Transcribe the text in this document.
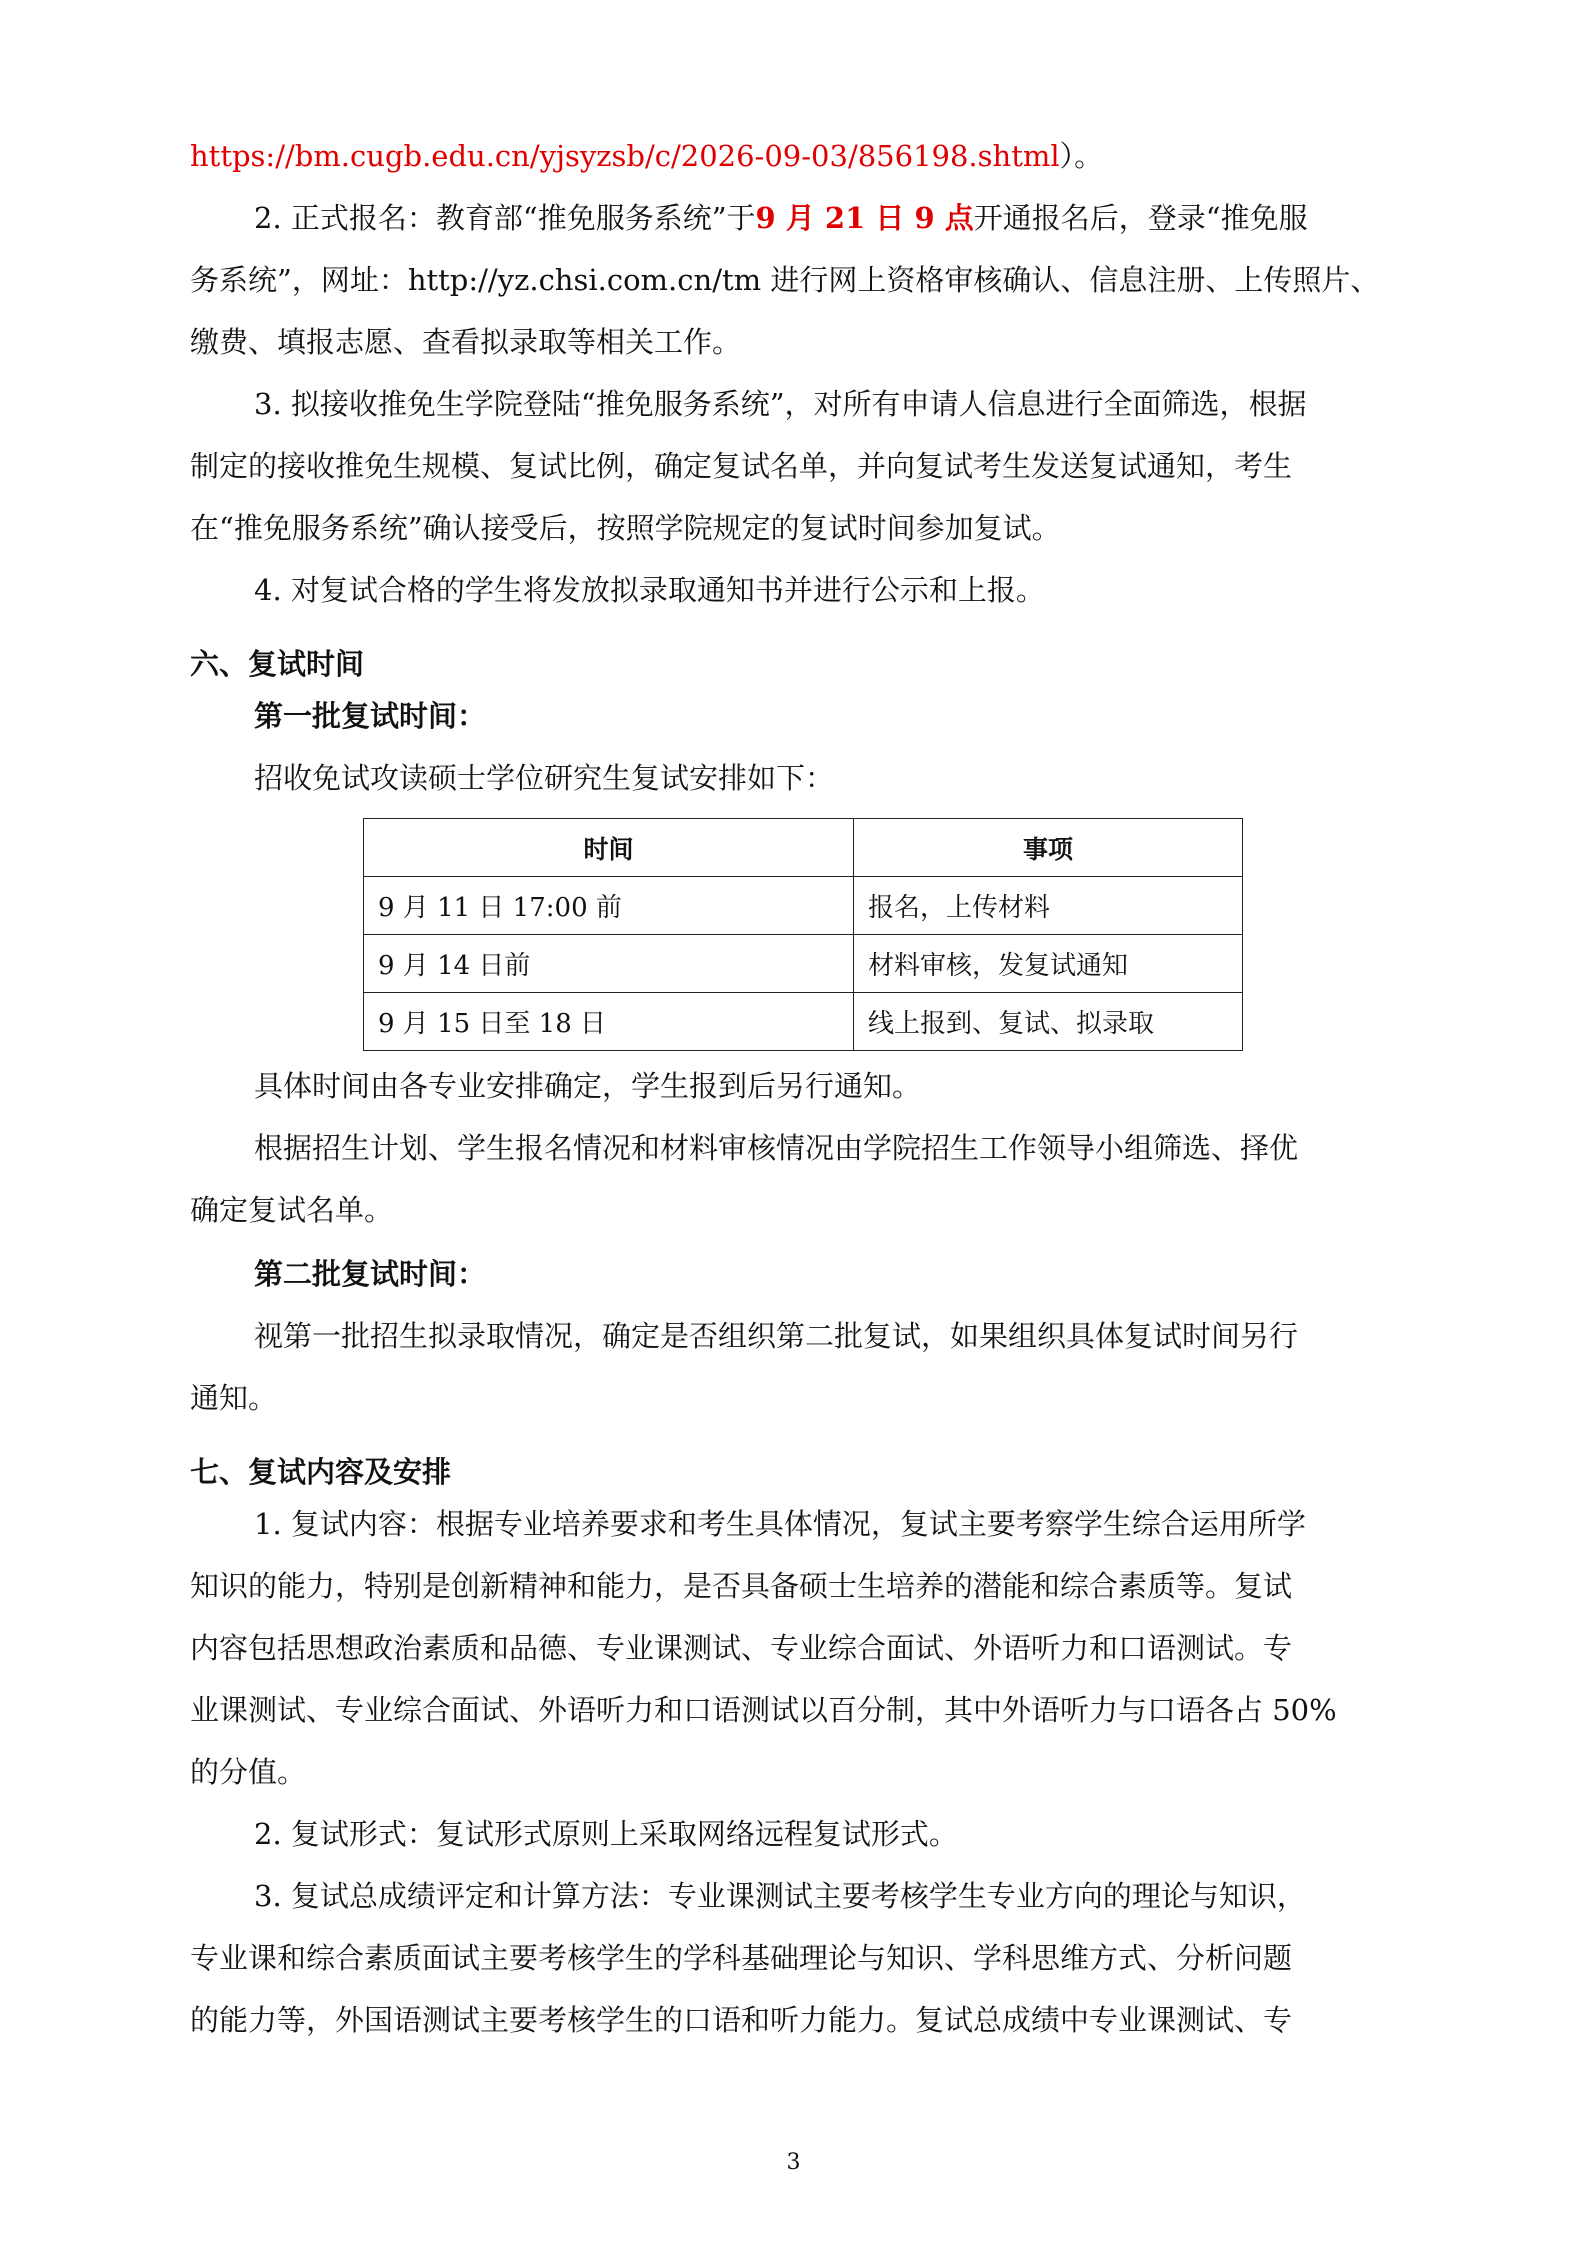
https://bm.cugb.edu.cn/yjsyzsb/c/2026-09-03/856198.shtml）。
2. 正式报名：教育部“推免服务系统”于9 月 21 日 9 点开通报名后，登录“推免服
务系统”，网址：http://yz.chsi.com.cn/tm 进行网上资格审核确认、信息注册、上传照片、
缴费、填报志愿、查看拟录取等相关工作。
3. 拟接收推免生学院登陆“推免服务系统”，对所有申请人信息进行全面筛选，根据
制定的接收推免生规模、复试比例，确定复试名单，并向复试考生发送复试通知，考生
在“推免服务系统”确认接受后，按照学院规定的复试时间参加复试。
4. 对复试合格的学生将发放拟录取通知书并进行公示和上报。
六、复试时间
第一批复试时间：
招收免试攻读硕士学位研究生复试安排如下：
时间	事项
9 月 11 日 17:00 前	报名，上传材料
9 月 14 日前	材料审核，发复试通知
9 月 15 日至 18 日	线上报到、复试、拟录取
具体时间由各专业安排确定，学生报到后另行通知。
根据招生计划、学生报名情况和材料审核情况由学院招生工作领导小组筛选、择优
确定复试名单。
第二批复试时间：
视第一批招生拟录取情况，确定是否组织第二批复试，如果组织具体复试时间另行
通知。
七、复试内容及安排
1. 复试内容：根据专业培养要求和考生具体情况，复试主要考察学生综合运用所学
知识的能力，特别是创新精神和能力，是否具备硕士生培养的潜能和综合素质等。复试
内容包括思想政治素质和品德、专业课测试、专业综合面试、外语听力和口语测试。专
业课测试、专业综合面试、外语听力和口语测试以百分制，其中外语听力与口语各占 50%
的分值。
2. 复试形式：复试形式原则上采取网络远程复试形式。
3. 复试总成绩评定和计算方法：专业课测试主要考核学生专业方向的理论与知识，
专业课和综合素质面试主要考核学生的学科基础理论与知识、学科思维方式、分析问题
的能力等，外国语测试主要考核学生的口语和听力能力。复试总成绩中专业课测试、专
3
